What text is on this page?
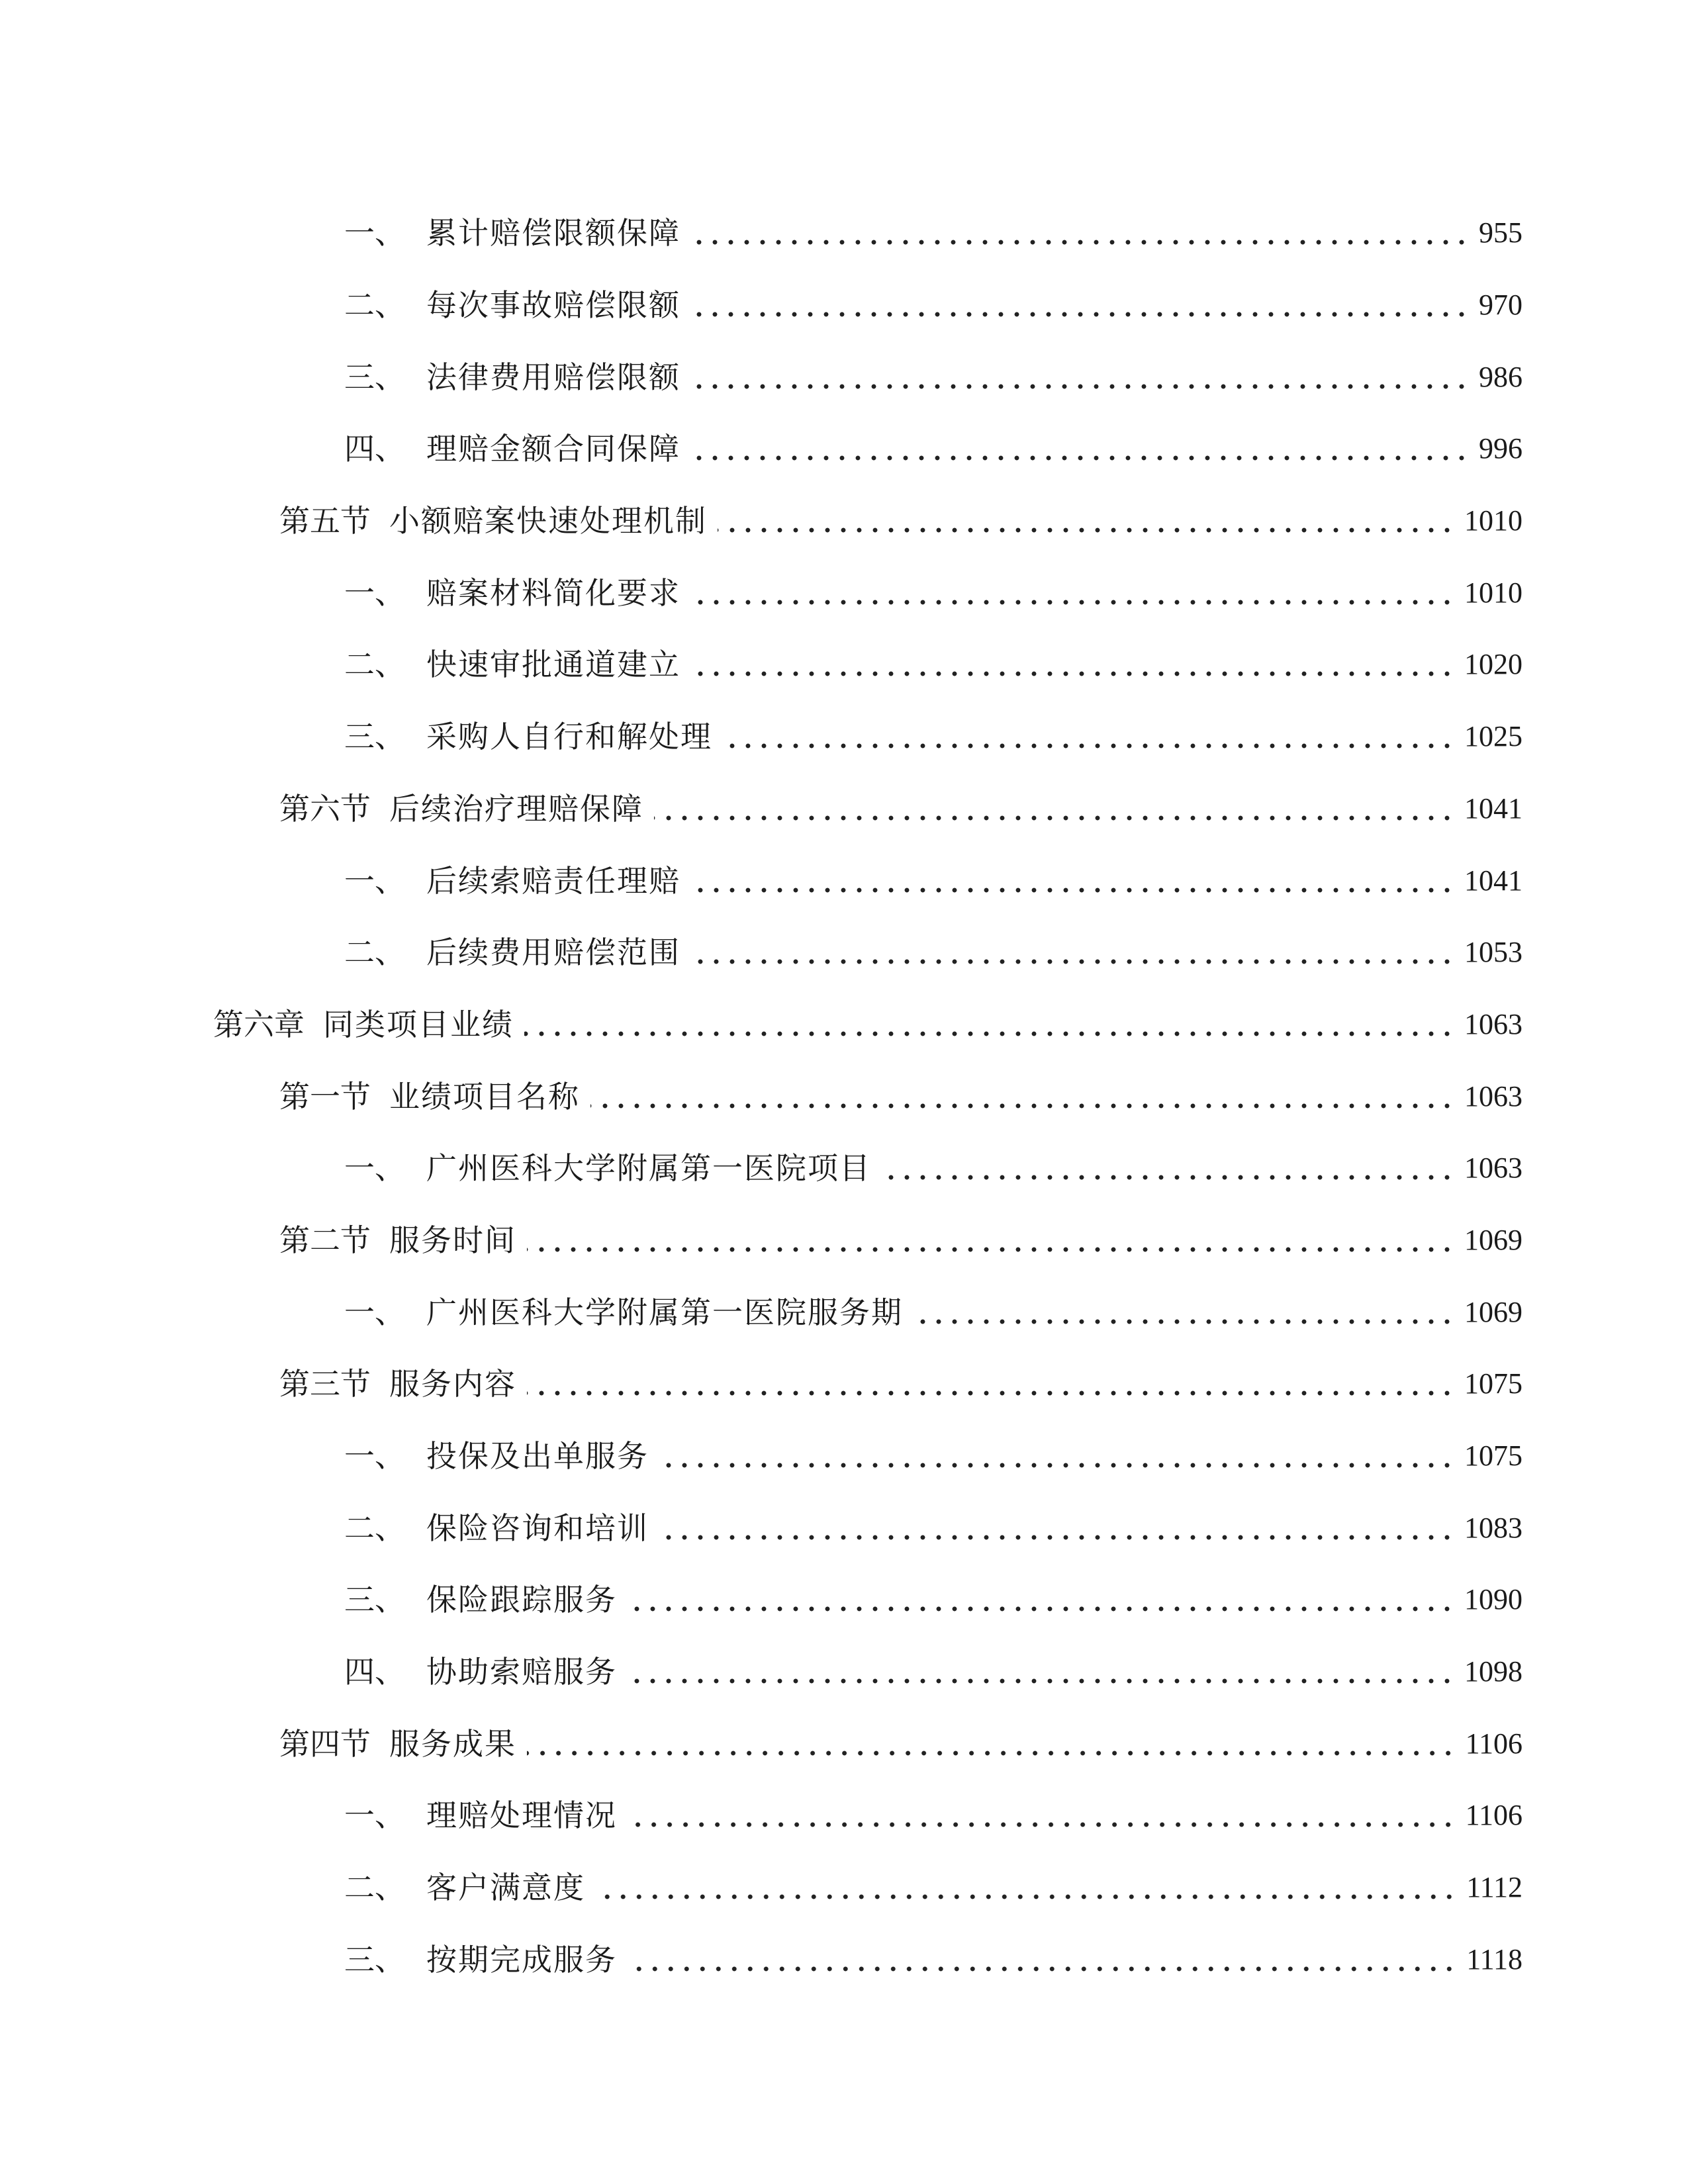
一、 累计赔偿限额保障	955
二、 每次事故赔偿限额	970
三、 法律费用赔偿限额	986
四、 理赔金额合同保障	996
第五节 小额赔案快速处理机制	1010
一、 赔案材料简化要求	1010
二、 快速审批通道建立	1020
三、 采购人自行和解处理	1025
第六节 后续治疗理赔保障	1041
一、 后续索赔责任理赔	1041
二、 后续费用赔偿范围	1053
第六章 同类项目业绩	1063
第一节 业绩项目名称	1063
一、 广州医科大学附属第一医院项目	1063
第二节 服务时间	1069
一、 广州医科大学附属第一医院服务期	1069
第三节 服务内容	1075
一、 投保及出单服务	1075
二、 保险咨询和培训	1083
三、 保险跟踪服务	1090
四、 协助索赔服务	1098
第四节 服务成果	1106
一、 理赔处理情况	1106
二、 客户满意度	1112
三、 按期完成服务	1118
